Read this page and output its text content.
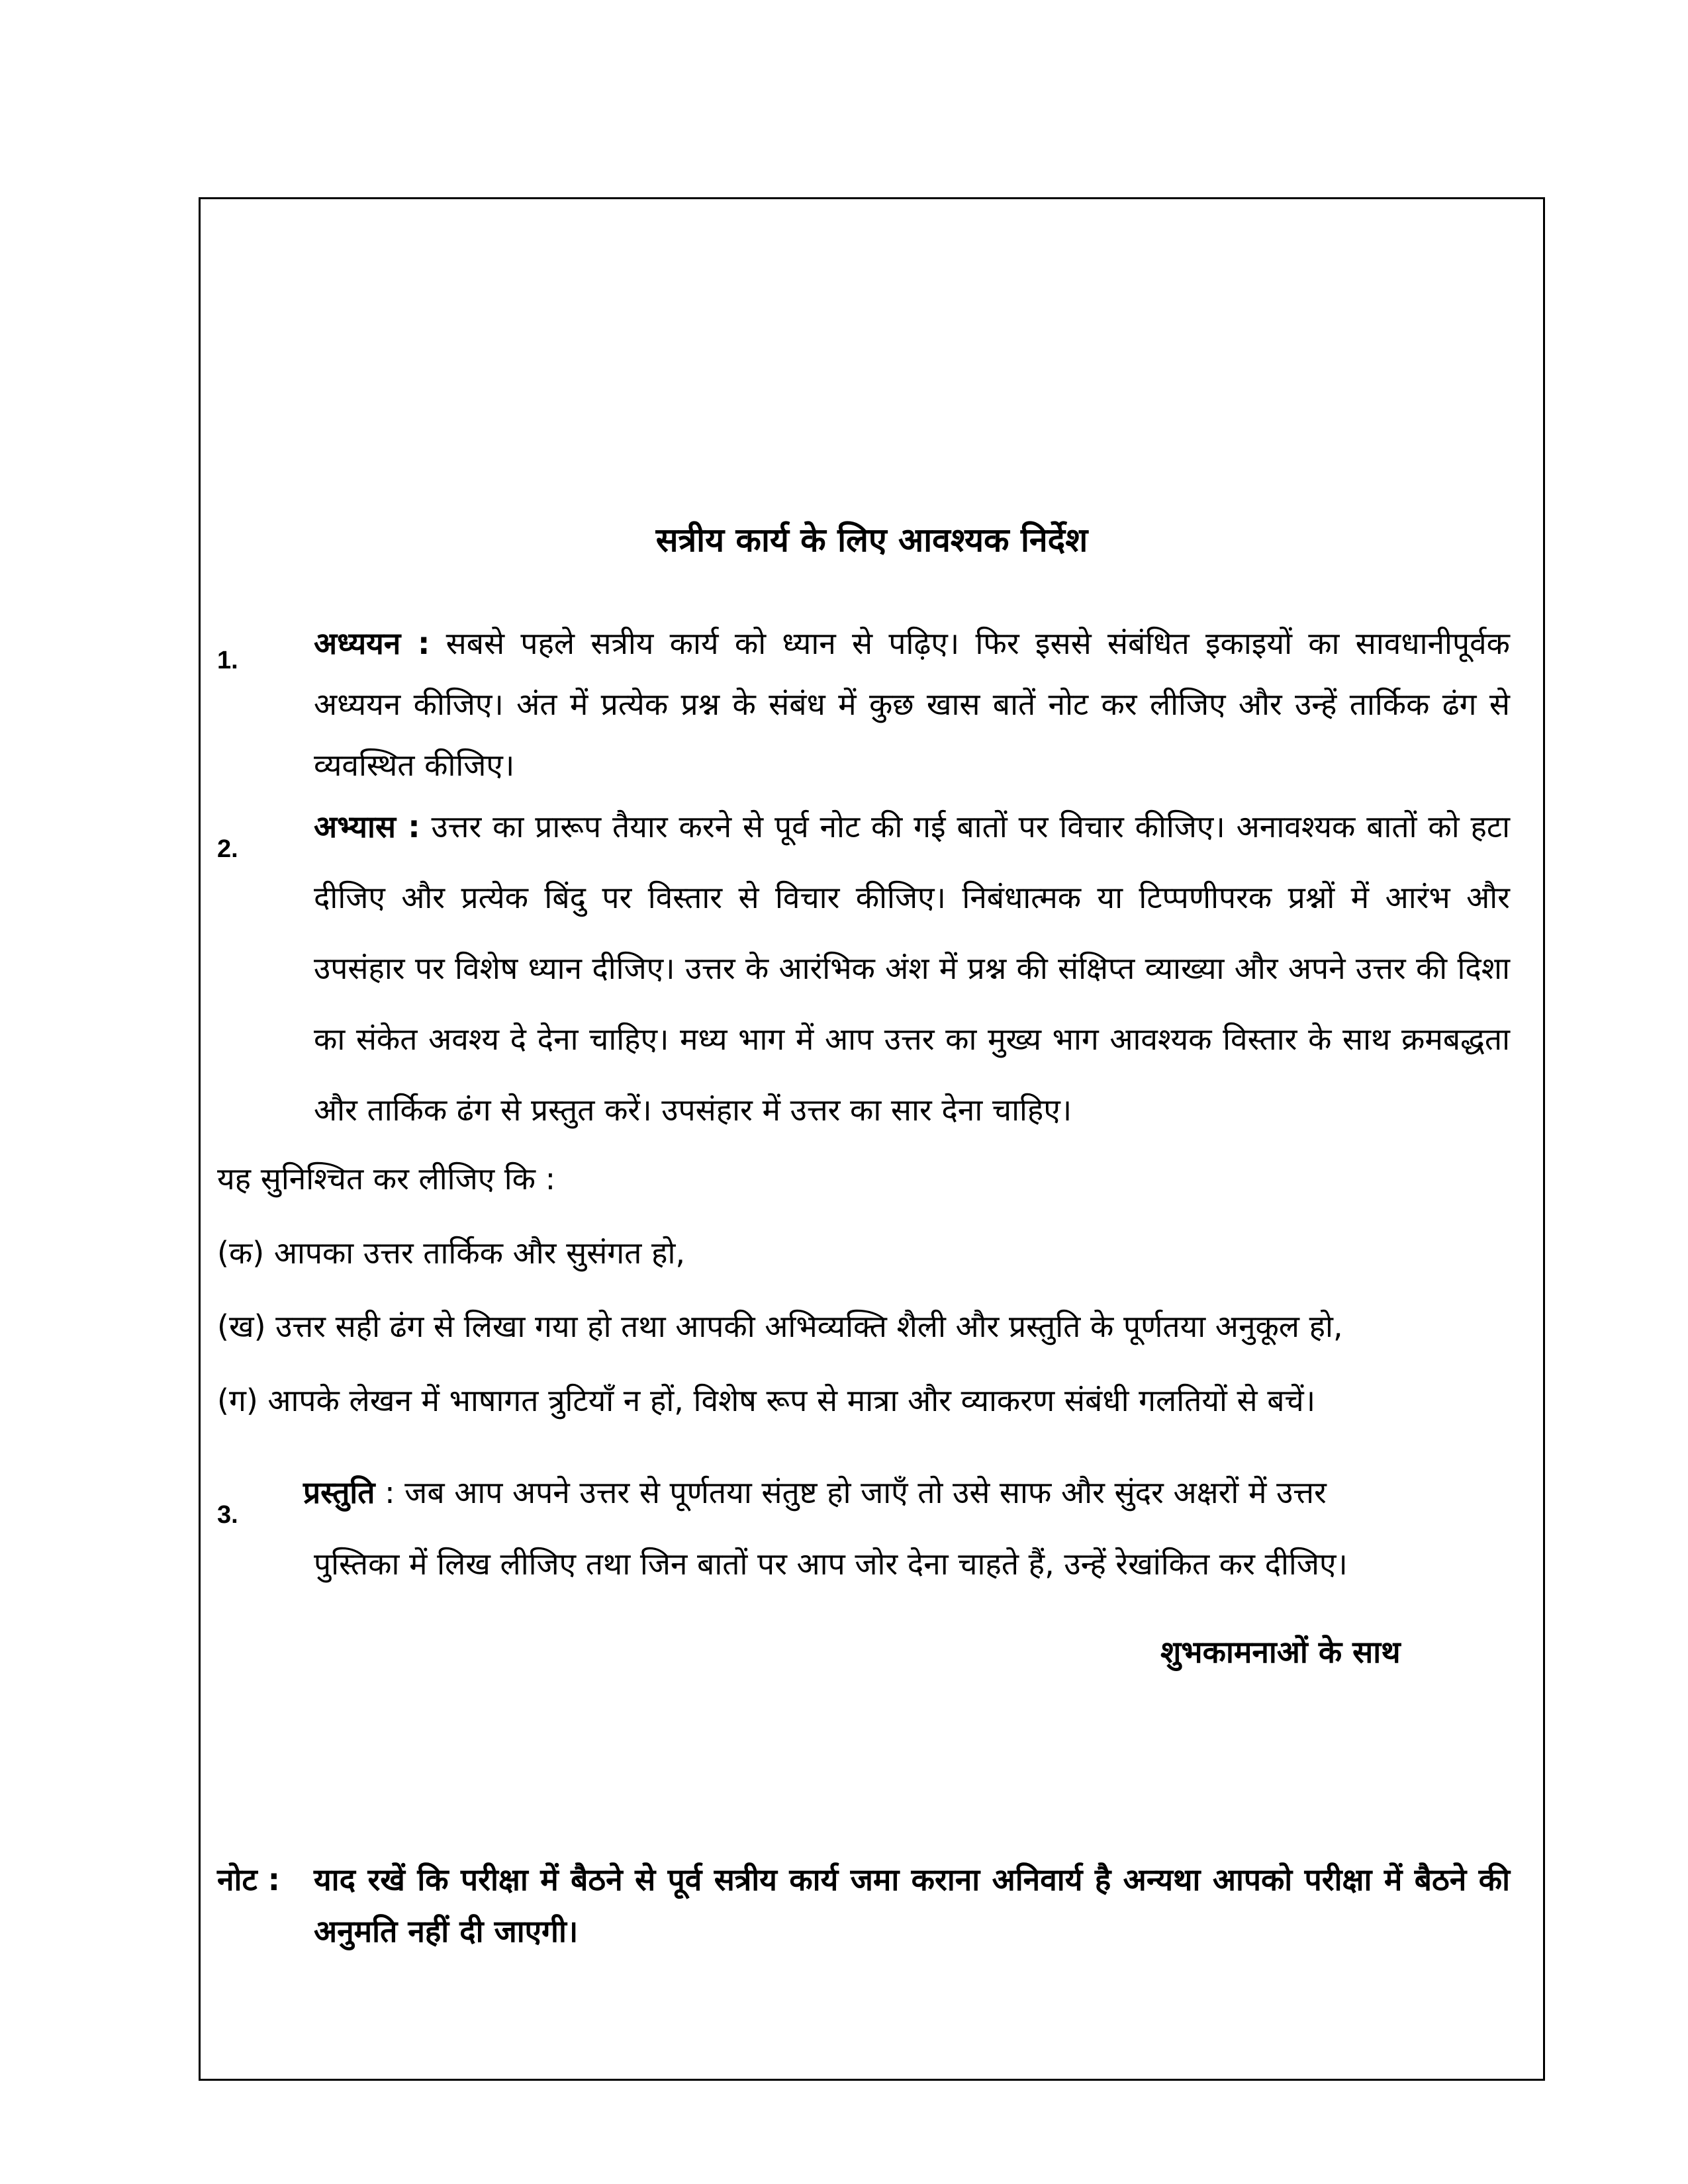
सत्रीय कार्य के लिए आवश्यक निर्देश
1. अध्ययन : सबसे पहले सत्रीय कार्य को ध्यान से पढ़िए। फिर इससे संबंधित इकाइयों का सावधानीपूर्वक अध्ययन कीजिए। अंत में प्रत्येक प्रश्न के संबंध में कुछ खास बातें नोट कर लीजिए और उन्हें तार्किक ढंग से व्यवस्थित कीजिए।
2.
अभ्यास : उत्तर का प्रारूप तैयार करने से पूर्व नोट की गई बातों पर विचार कीजिए। अनावश्यक बातों को हटा दीजिए और प्रत्येक बिंदु पर विस्तार से विचार कीजिए। निबंधात्मक या टिप्पणीपरक प्रश्नों में आरंभ और उपसंहार पर विशेष ध्यान दीजिए। उत्तर के आरंभिक अंश में प्रश्न की संक्षिप्त व्याख्या और अपने उत्तर की दिशा का संकेत अवश्य दे देना चाहिए। मध्य भाग में आप उत्तर का मुख्य भाग आवश्यक विस्तार के साथ क्रमबद्धता और तार्किक ढंग से प्रस्तुत करें। उपसंहार में उत्तर का सार देना चाहिए।
यह सुनिश्चित कर लीजिए कि :
(क) आपका उत्तर तार्किक और सुसंगत हो,
(ख) उत्तर सही ढंग से लिखा गया हो तथा आपकी अभिव्यक्ति शैली और प्रस्तुति के पूर्णतया अनुकूल हो,
(ग) आपके लेखन में भाषागत त्रुटियाँ न हों, विशेष रूप से मात्रा और व्याकरण संबंधी गलतियों से बचें।
3.
प्रस्तुति : जब आप अपने उत्तर से पूर्णतया संतुष्ट हो जाएँ तो उसे साफ और सुंदर अक्षरों में उत्तर
पुस्तिका में लिख लीजिए तथा जिन बातों पर आप जोर देना चाहते हैं, उन्हें रेखांकित कर दीजिए।
शुभकामनाओं के साथ
नोट : याद रखें कि परीक्षा में बैठने से पूर्व सत्रीय कार्य जमा कराना अनिवार्य है अन्यथा आपको परीक्षा में बैठने की अनुमति नहीं दी जाएगी।
